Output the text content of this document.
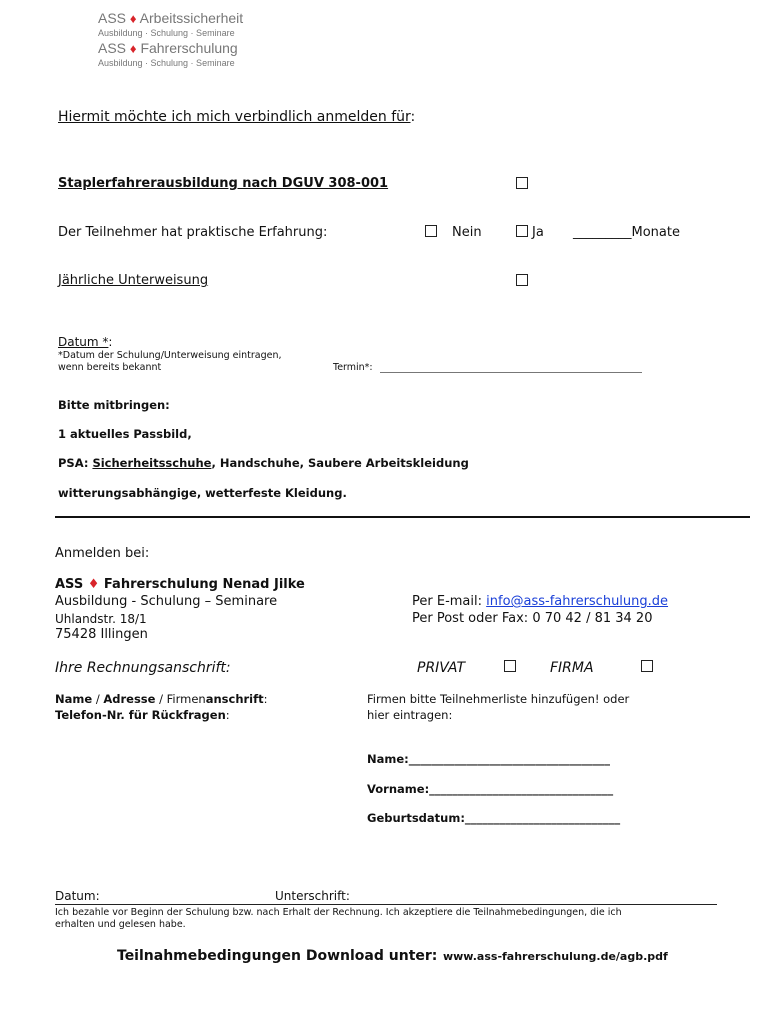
ASS ♦ Arbeitssicherheit
Ausbildung · Schulung · Seminare
ASS ♦ Fahrerschulung
Ausbildung · Schulung · Seminare
Hiermit möchte ich mich verbindlich anmelden für:
Staplerfahrerausbildung nach DGUV 308-001
Der Teilnehmer hat praktische Erfahrung:	Nein	Ja _________Monate
Jährliche Unterweisung
Datum *:
*Datum der Schulung/Unterweisung eintragen,
wenn bereits bekannt	Termin*:
Bitte mitbringen:
1 aktuelles Passbild,
PSA: Sicherheitsschuhe, Handschuhe, Saubere Arbeitskleidung
witterungsabhängige, wetterfeste Kleidung.
Anmelden bei:
ASS ♦ Fahrerschulung Nenad Jilke
Ausbildung - Schulung – Seminare
Uhlandstr. 18/1
75428 Illingen
Per E-mail: info@ass-fahrerschulung.de
Per Post oder Fax: 0 70 42 / 81 34 20
Ihre Rechnungsanschrift:	PRIVAT	FIRMA
Name / Adresse / Firmenanschrift:
Telefon-Nr. für Rückfragen:
Firmen bitte Teilnehmerliste hinzufügen! oder
hier eintragen:
Name:___________________________________
Vorname:________________________________
Geburtsdatum:___________________________
Datum:	Unterschrift:
Ich bezahle vor Beginn der Schulung bzw. nach Erhalt der Rechnung. Ich akzeptiere die Teilnahmebedingungen, die ich
erhalten und gelesen habe.
Teilnahmebedingungen Download unter: www.ass-fahrerschulung.de/agb.pdf
